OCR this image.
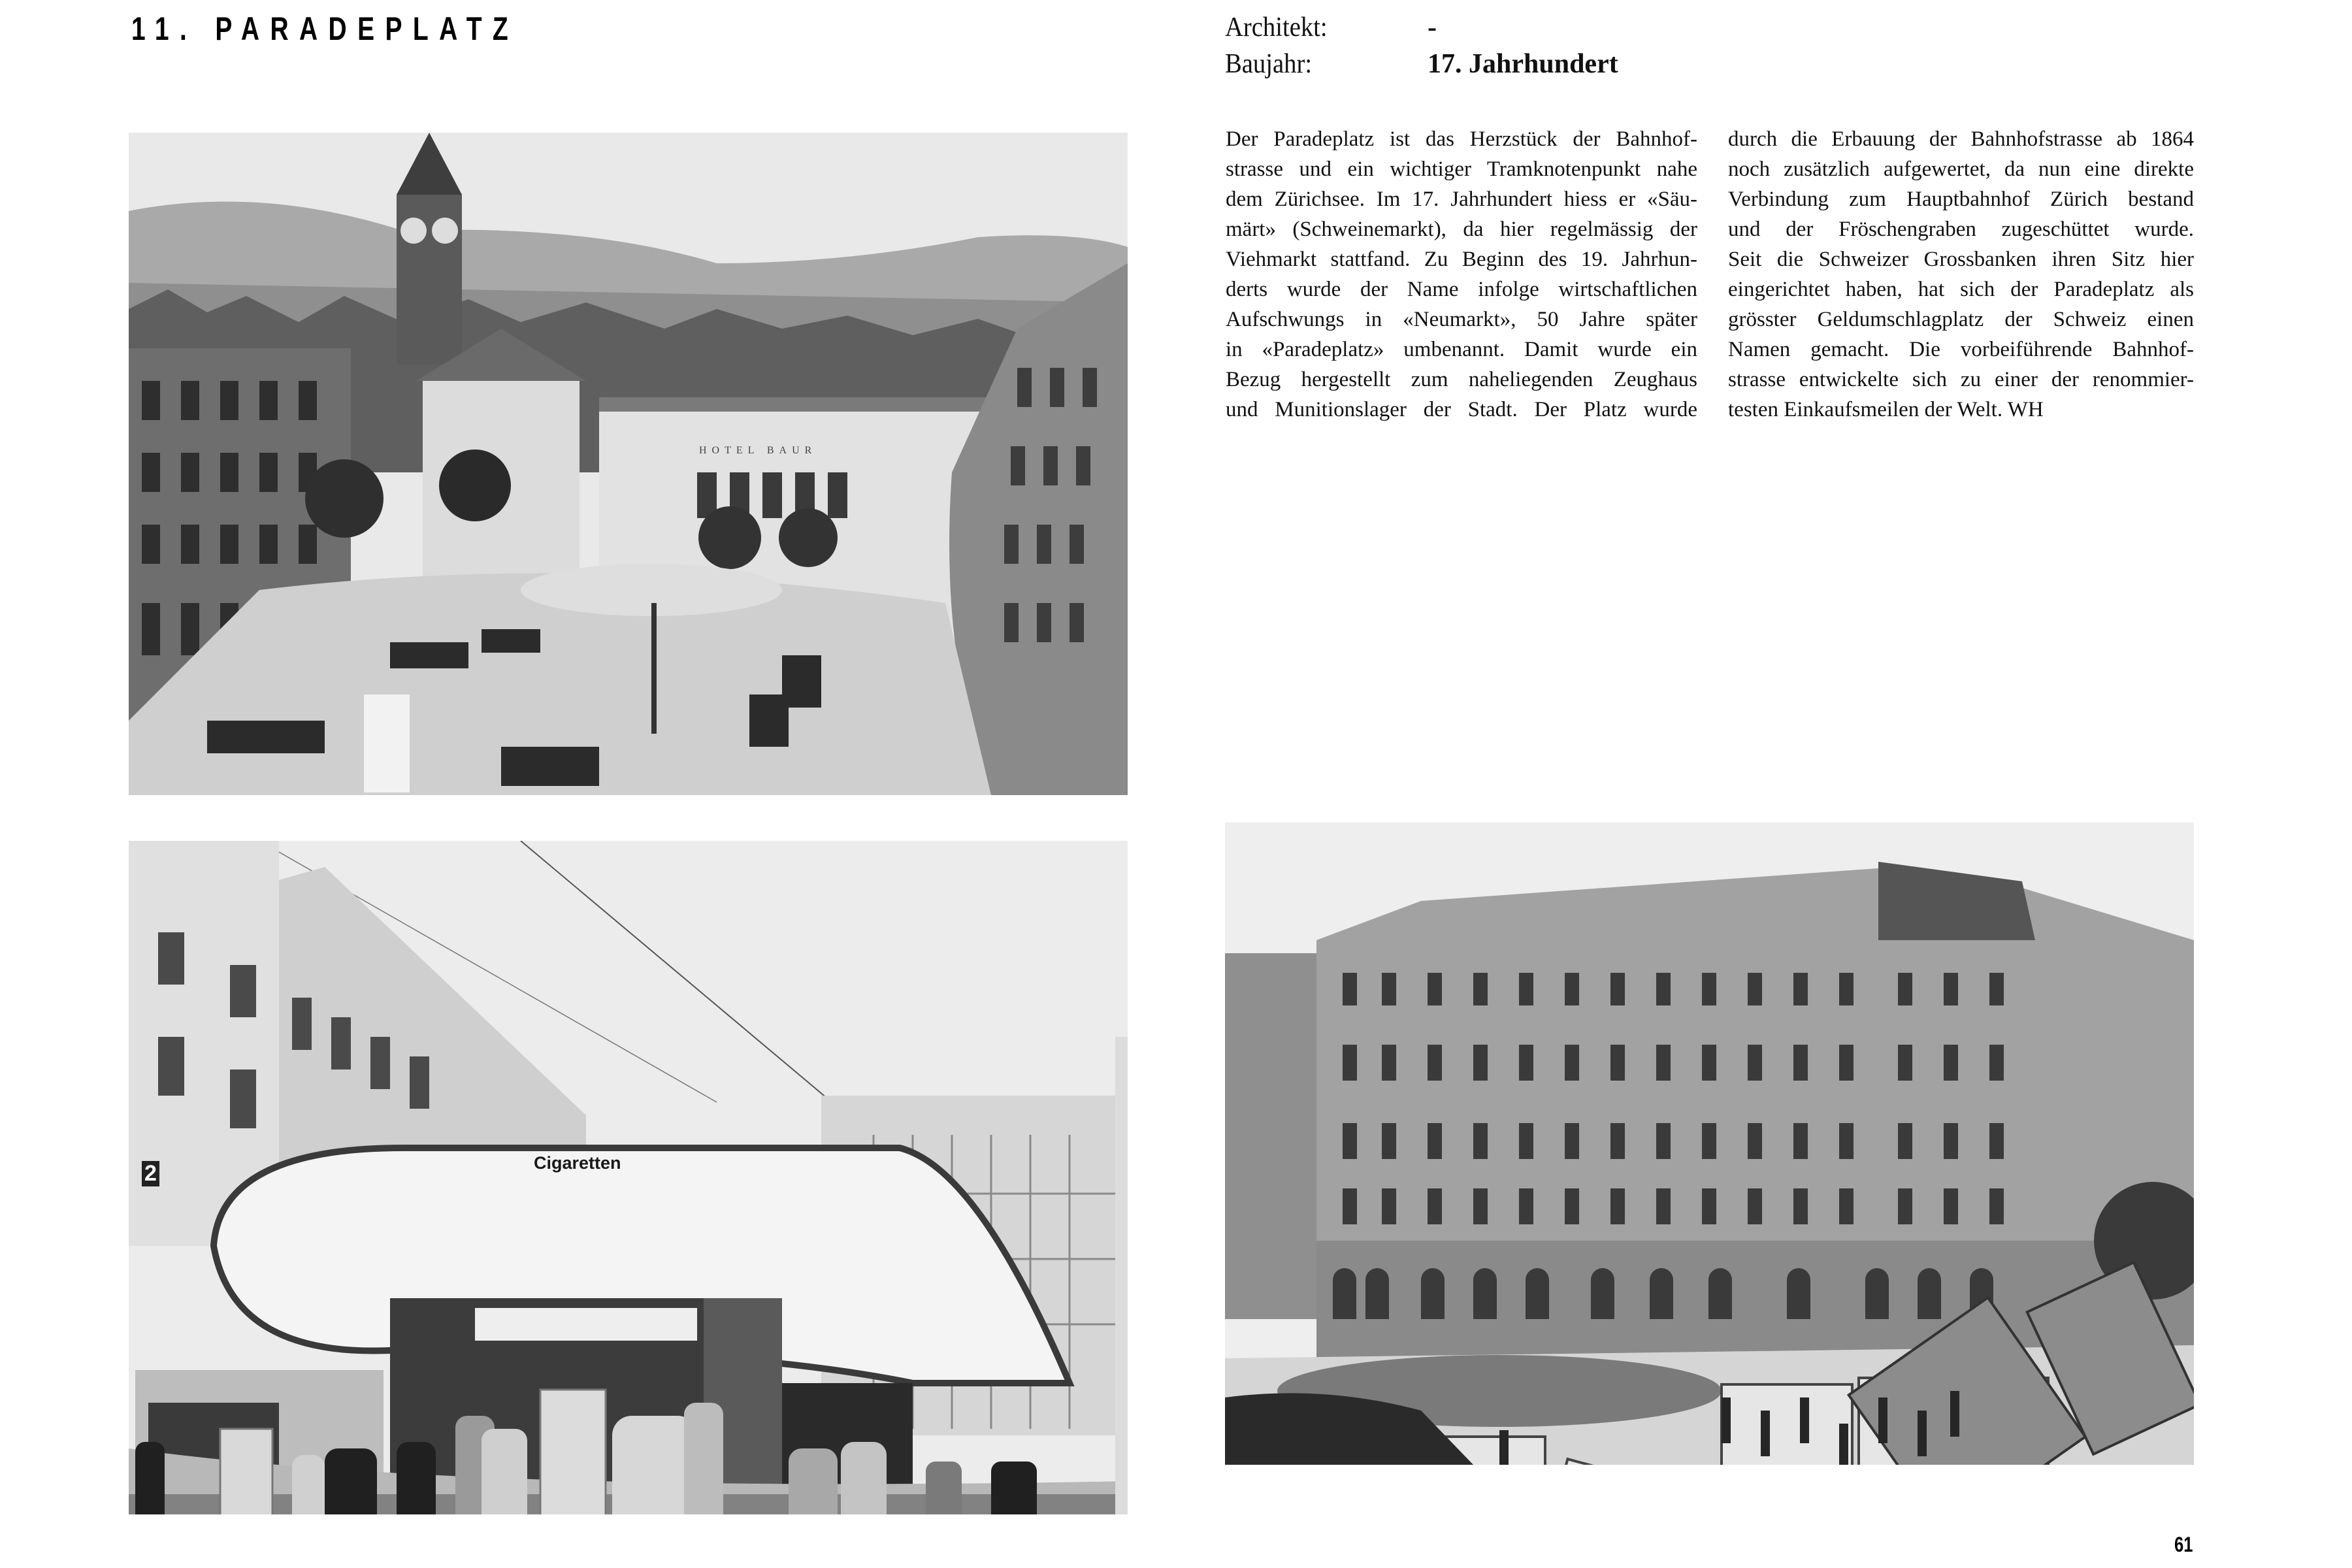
11. PARADEPLATZ	Architekt:	-
Baujahr:	17. Jahrhundert
Der Paradeplatz ist das Herzstück der Bahnhof-
strasse und ein wichtiger Tramknotenpunkt nahe
dem Zürichsee. Im 17. Jahrhundert hiess er «Säu-
märt» (Schweinemarkt), da hier regelmässig der
Viehmarkt stattfand. Zu Beginn des 19. Jahrhun-
derts wurde der Name infolge wirtschaftlichen
Aufschwungs in «Neumarkt», 50 Jahre später
in «Paradeplatz» umbenannt. Damit wurde ein
Bezug hergestellt zum naheliegenden Zeughaus
und Munitionslager der Stadt. Der Platz wurde
durch die Erbauung der Bahnhofstrasse ab 1864
noch zusätzlich aufgewertet, da nun eine direkte
Verbindung zum Hauptbahnhof Zürich bestand
und der Fröschengraben zugeschüttet wurde.
Seit die Schweizer Grossbanken ihren Sitz hier
eingerichtet haben, hat sich der Paradeplatz als
grösster Geldumschlagplatz der Schweiz einen
Namen gemacht. Die vorbeiführende Bahnhof-
strasse entwickelte sich zu einer der renommier-
testen Einkaufsmeilen der Welt. WH
HOTEL BAUR
Cigaretten
2
61
